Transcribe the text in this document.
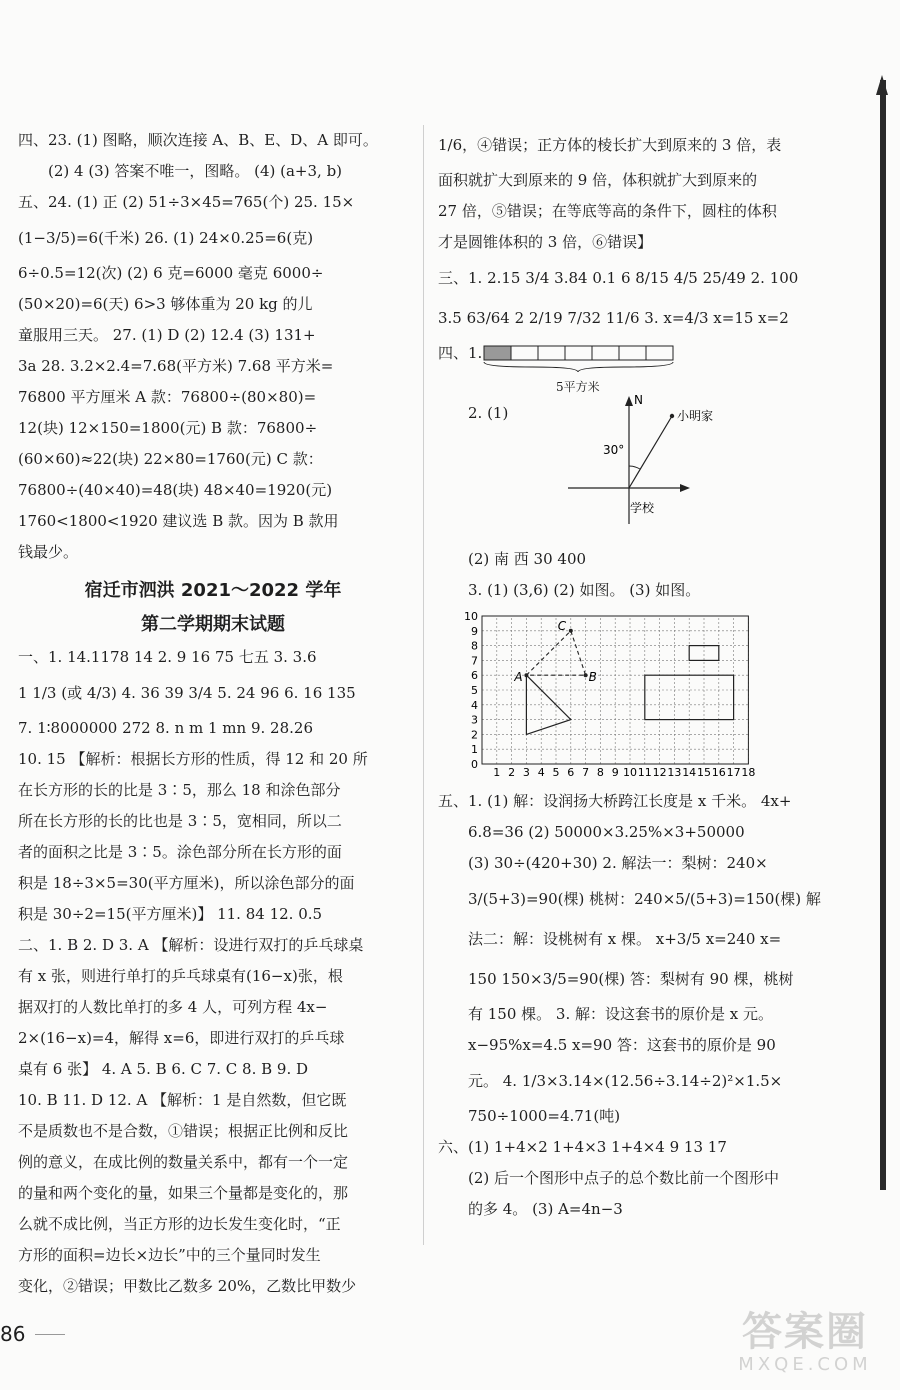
四、23. (1) 图略，顺次连接 A、B、E、D、A 即可。
(2) 4 (3) 答案不唯一，图略。 (4) (a+3, b)
五、24. (1) 正 (2) 51÷3×45=765(个) 25. 15×
(1−3/5)=6(千米) 26. (1) 24×0.25=6(克)
6÷0.5=12(次) (2) 6 克=6000 毫克 6000÷
(50×20)=6(天) 6>3 够体重为 20 kg 的儿
童服用三天。 27. (1) D (2) 12.4 (3) 131+
3a 28. 3.2×2.4=7.68(平方米) 7.68 平方米=
76800 平方厘米 A 款：76800÷(80×80)=
12(块) 12×150=1800(元) B 款：76800÷
(60×60)≈22(块) 22×80=1760(元) C 款：
76800÷(40×40)=48(块) 48×40=1920(元)
1760<1800<1920 建议选 B 款。因为 B 款用
钱最少。
宿迁市泗洪 2021～2022 学年
第二学期期末试题
一、1. 14.1178 14 2. 9 16 75 七五 3. 3.6
1 1/3 (或 4/3) 4. 36 39 3/4 5. 24 96 6. 16 135
7. 1∶8000000 272 8. n m 1 mn 9. 28.26
10. 15 【解析：根据长方形的性质，得 12 和 20 所
在长方形的长的比是 3∶5，那么 18 和涂色部分
所在长方形的长的比也是 3∶5，宽相同，所以二
者的面积之比是 3∶5。涂色部分所在长方形的面
积是 18÷3×5=30(平方厘米)，所以涂色部分的面
积是 30÷2=15(平方厘米)】 11. 84 12. 0.5
二、1. B 2. D 3. A 【解析：设进行双打的乒乓球桌
有 x 张，则进行单打的乒乓球桌有(16−x)张，根
据双打的人数比单打的多 4 人，可列方程 4x−
2×(16−x)=4，解得 x=6，即进行双打的乒乓球
桌有 6 张】 4. A 5. B 6. C 7. C 8. B 9. D
10. B 11. D 12. A 【解析：1 是自然数，但它既
不是质数也不是合数，①错误；根据正比例和反比
例的意义，在成比例的数量关系中，都有一个一定
的量和两个变化的量，如果三个量都是变化的，那
么就不成比例，当正方形的边长发生变化时，“正
方形的面积=边长×边长”中的三个量同时发生
变化，②错误；甲数比乙数多 20%，乙数比甲数少
1/6，④错误；正方体的棱长扩大到原来的 3 倍，表
面积就扩大到原来的 9 倍，体积就扩大到原来的
27 倍，⑤错误；在等底等高的条件下，圆柱的体积
才是圆锥体积的 3 倍，⑥错误】
三、1. 2.15 3/4 3.84 0.1 6 8/15 4/5 25/49 2. 100
3.5 63/64 2 2/19 7/32 11/6 3. x=4/3 x=15 x=2
四、1.
5平方米
2. (1)
N
小明家
30°
学校
(2) 南 西 30 400
3. (1) (3,6) (2) 如图。 (3) 如图。
1 2 3 4 5 6 7 8 9 10 11 12 13 14 15 16 17 18
0
1
2
3
4
5
6
7
8
9
10
A	B
C
五、1. (1) 解：设润扬大桥跨江长度是 x 千米。 4x+
6.8=36 (2) 50000×3.25%×3+50000
(3) 30÷(420+30) 2. 解法一：梨树：240×
3/(5+3)=90(棵) 桃树：240×5/(5+3)=150(棵) 解
法二：解：设桃树有 x 棵。 x+3/5 x=240 x=
150 150×3/5=90(棵) 答：梨树有 90 棵，桃树
有 150 棵。 3. 解：设这套书的原价是 x 元。
x−95%x=4.5 x=90 答：这套书的原价是 90
元。 4. 1/3×3.14×(12.56÷3.14÷2)²×1.5×
750÷1000=4.71(吨)
六、(1) 1+4×2 1+4×3 1+4×4 9 13 17
(2) 后一个图形中点子的总个数比前一个图形中
的多 4。 (3) A=4n−3
86	答案圈
MXQE.COM
